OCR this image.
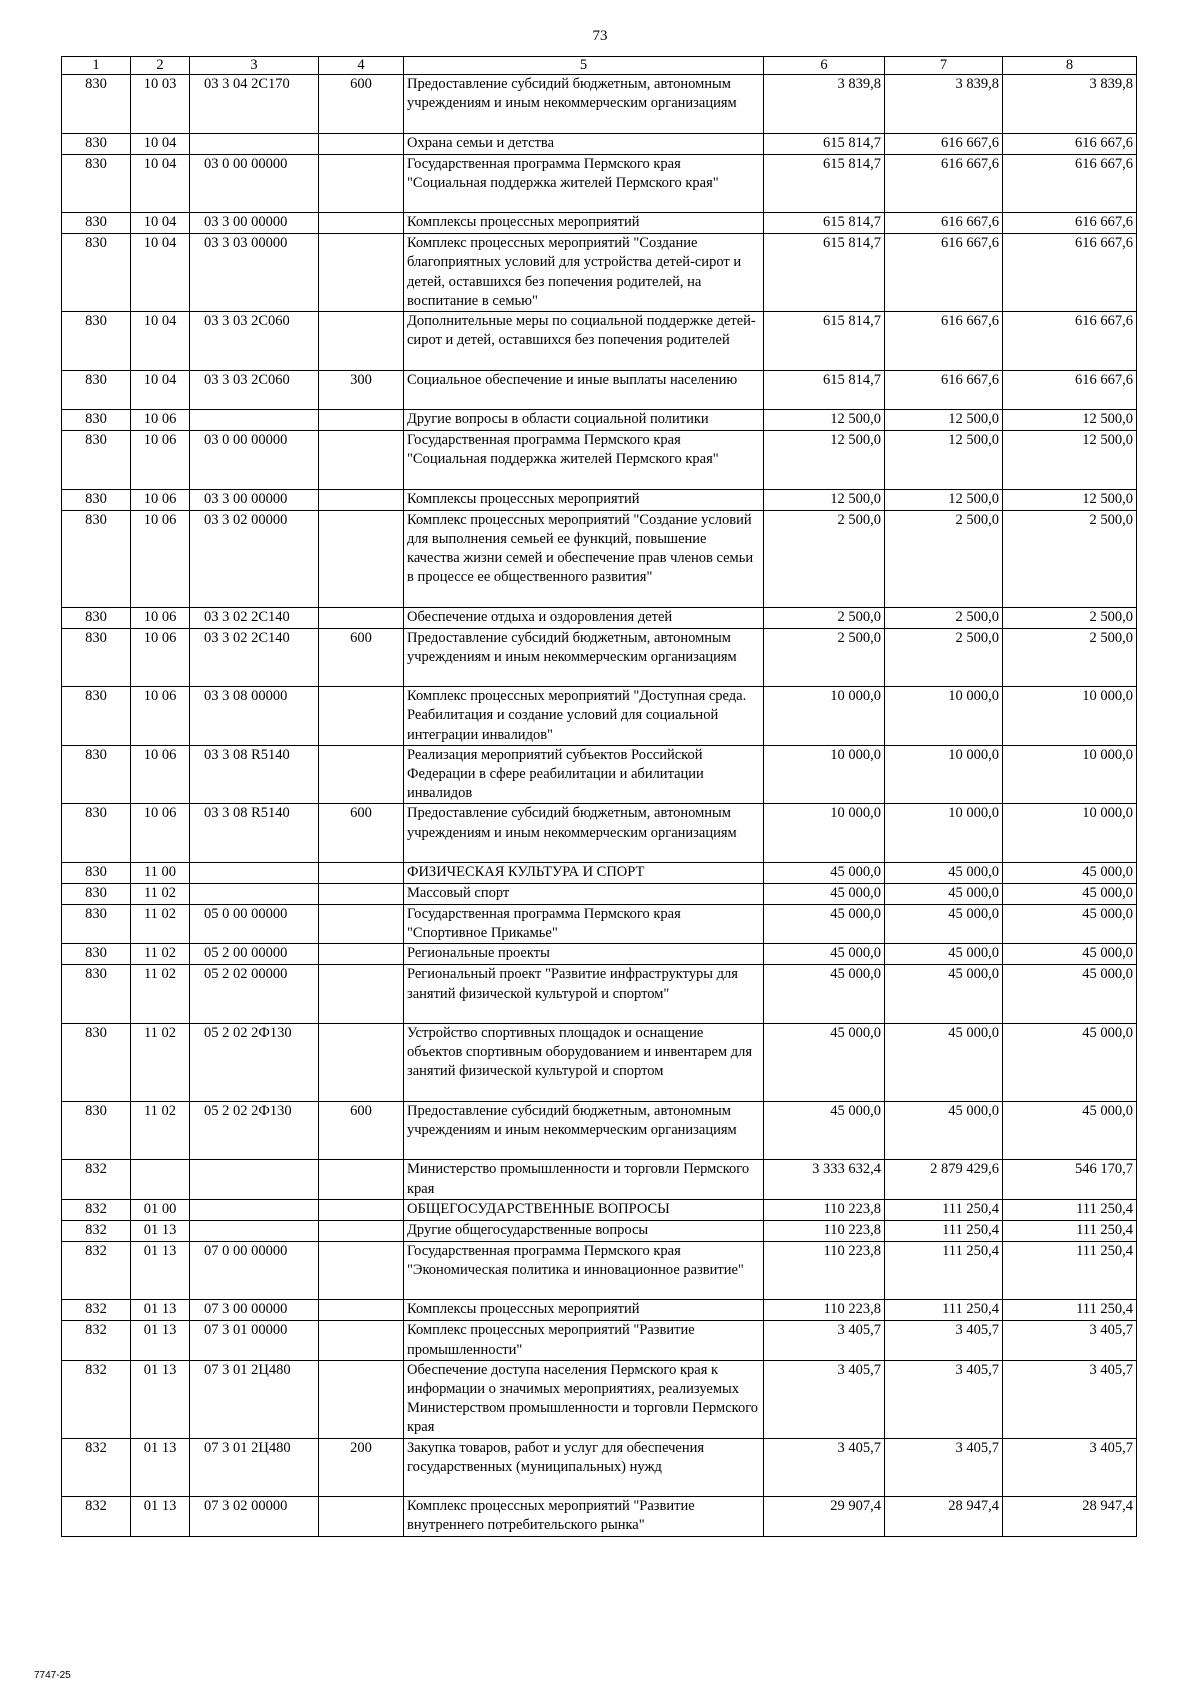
73
1	2	3	4	5	6	7	8
830	10 03	03 3 04 2С170	600	Предоставление субсидий бюджетным, автономным учреждениям и иным некоммерческим организациям	3 839,8	3 839,8	3 839,8
830	10 04			Охрана семьи и детства	615 814,7	616 667,6	616 667,6
830	10 04	03 0 00 00000		Государственная программа Пермского края "Социальная поддержка жителей Пермского края"	615 814,7	616 667,6	616 667,6
830	10 04	03 3 00 00000		Комплексы процессных мероприятий	615 814,7	616 667,6	616 667,6
830	10 04	03 3 03 00000		Комплекс процессных мероприятий "Создание благоприятных условий для устройства детей-сирот и детей, оставшихся без попечения родителей, на воспитание в семью"	615 814,7	616 667,6	616 667,6
830	10 04	03 3 03 2С060		Дополнительные меры по социальной поддержке детей-сирот и детей, оставшихся без попечения родителей	615 814,7	616 667,6	616 667,6
830	10 04	03 3 03 2С060	300	Социальное обеспечение и иные выплаты населению	615 814,7	616 667,6	616 667,6
830	10 06			Другие вопросы в области социальной политики	12 500,0	12 500,0	12 500,0
830	10 06	03 0 00 00000		Государственная программа Пермского края "Социальная поддержка жителей Пермского края"	12 500,0	12 500,0	12 500,0
830	10 06	03 3 00 00000		Комплексы процессных мероприятий	12 500,0	12 500,0	12 500,0
830	10 06	03 3 02 00000		Комплекс процессных мероприятий "Создание условий для выполнения семьей ее функций, повышение качества жизни семей и обеспечение прав членов семьи в процессе ее общественного развития"	2 500,0	2 500,0	2 500,0
830	10 06	03 3 02 2С140		Обеспечение отдыха и оздоровления детей	2 500,0	2 500,0	2 500,0
830	10 06	03 3 02 2С140	600	Предоставление субсидий бюджетным, автономным учреждениям и иным некоммерческим организациям	2 500,0	2 500,0	2 500,0
830	10 06	03 3 08 00000		Комплекс процессных мероприятий "Доступная среда. Реабилитация и создание условий для социальной интеграции инвалидов"	10 000,0	10 000,0	10 000,0
830	10 06	03 3 08 R5140		Реализация мероприятий субъектов Российской Федерации в сфере реабилитации и абилитации инвалидов	10 000,0	10 000,0	10 000,0
830	10 06	03 3 08 R5140	600	Предоставление субсидий бюджетным, автономным учреждениям и иным некоммерческим организациям	10 000,0	10 000,0	10 000,0
830	11 00			ФИЗИЧЕСКАЯ КУЛЬТУРА И СПОРТ	45 000,0	45 000,0	45 000,0
830	11 02			Массовый спорт	45 000,0	45 000,0	45 000,0
830	11 02	05 0 00 00000		Государственная программа Пермского края "Спортивное Прикамье"	45 000,0	45 000,0	45 000,0
830	11 02	05 2 00 00000		Региональные проекты	45 000,0	45 000,0	45 000,0
830	11 02	05 2 02 00000		Региональный проект "Развитие инфраструктуры для занятий физической культурой и спортом"	45 000,0	45 000,0	45 000,0
830	11 02	05 2 02 2Ф130		Устройство спортивных площадок и оснащение объектов спортивным оборудованием и инвентарем для занятий физической культурой и спортом	45 000,0	45 000,0	45 000,0
830	11 02	05 2 02 2Ф130	600	Предоставление субсидий бюджетным, автономным учреждениям и иным некоммерческим организациям	45 000,0	45 000,0	45 000,0
832				Министерство промышленности и торговли Пермского края	3 333 632,4	2 879 429,6	546 170,7
832	01 00			ОБЩЕГОСУДАРСТВЕННЫЕ ВОПРОСЫ	110 223,8	111 250,4	111 250,4
832	01 13			Другие общегосударственные вопросы	110 223,8	111 250,4	111 250,4
832	01 13	07 0 00 00000		Государственная программа Пермского края "Экономическая политика и инновационное развитие"	110 223,8	111 250,4	111 250,4
832	01 13	07 3 00 00000		Комплексы процессных мероприятий	110 223,8	111 250,4	111 250,4
832	01 13	07 3 01 00000		Комплекс процессных мероприятий "Развитие промышленности"	3 405,7	3 405,7	3 405,7
832	01 13	07 3 01 2Ц480		Обеспечение доступа населения Пермского края к информации о значимых мероприятиях, реализуемых Министерством промышленности и торговли Пермского края	3 405,7	3 405,7	3 405,7
832	01 13	07 3 01 2Ц480	200	Закупка товаров, работ и услуг для обеспечения государственных (муниципальных) нужд	3 405,7	3 405,7	3 405,7
832	01 13	07 3 02 00000		Комплекс процессных мероприятий "Развитие внутреннего потребительского рынка"	29 907,4	28 947,4	28 947,4
7747-25
